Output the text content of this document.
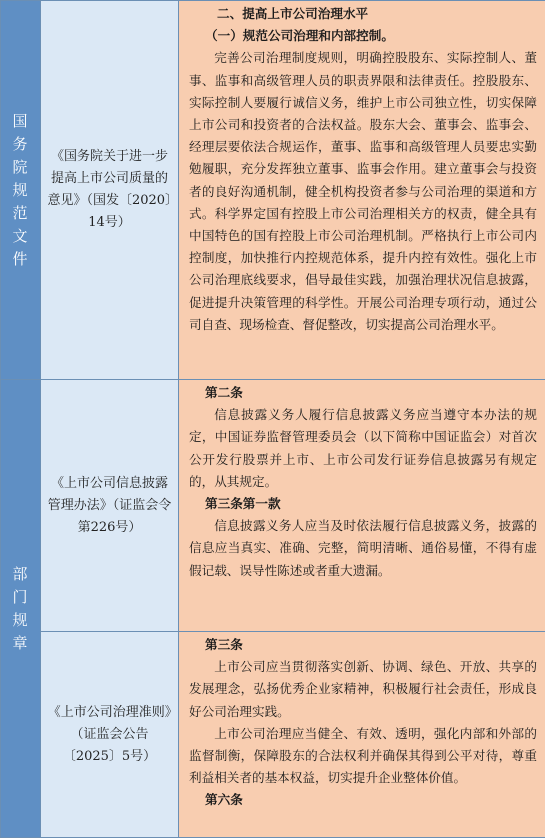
国务院规范文件	《国务院关于进一步提高上市公司质量的意见》（国发〔2020〕14号）	二、提高上市公司治理水平
（一）规范公司治理和内部控制。

完善公司治理制度规则，明确控股股东、实际控制人、董事、监事和高级管理人员的职责界限和法律责任。控股股东、实际控制人要履行诚信义务，维护上市公司独立性，切实保障上市公司和投资者的合法权益。股东大会、董事会、监事会、经理层要依法合规运作，董事、监事和高级管理人员要忠实勤勉履职，充分发挥独立董事、监事会作用。建立董事会与投资者的良好沟通机制，健全机构投资者参与公司治理的渠道和方式。科学界定国有控股上市公司治理相关方的权责，健全具有中国特色的国有控股上市公司治理机制。严格执行上市公司内控制度，加快推行内控规范体系，提升内控有效性。强化上市公司治理底线要求，倡导最佳实践，加强治理状况信息披露，促进提升决策管理的科学性。开展公司治理专项行动，通过公司自查、现场检查、督促整改，切实提高公司治理水平。

部门规章	《上市公司信息披露管理办法》（证监会令第226号）	第二条

信息披露义务人履行信息披露义务应当遵守本办法的规定，中国证券监督管理委员会（以下简称中国证监会）对首次公开发行股票并上市、上市公司发行证券信息披露另有规定的，从其规定。

第三条第一款

信息披露义务人应当及时依法履行信息披露义务，披露的信息应当真实、准确、完整，简明清晰、通俗易懂，不得有虚假记载、误导性陈述或者重大遗漏。

	《上市公司治理准则》（证监会公告〔2025〕5号）	第三条

上市公司应当贯彻落实创新、协调、绿色、开放、共享的发展理念，弘扬优秀企业家精神，积极履行社会责任，形成良好公司治理实践。

上市公司治理应当健全、有效、透明，强化内部和外部的监督制衡，保障股东的合法权利并确保其得到公平对待，尊重利益相关者的基本权益，切实提升企业整体价值。

第六条
